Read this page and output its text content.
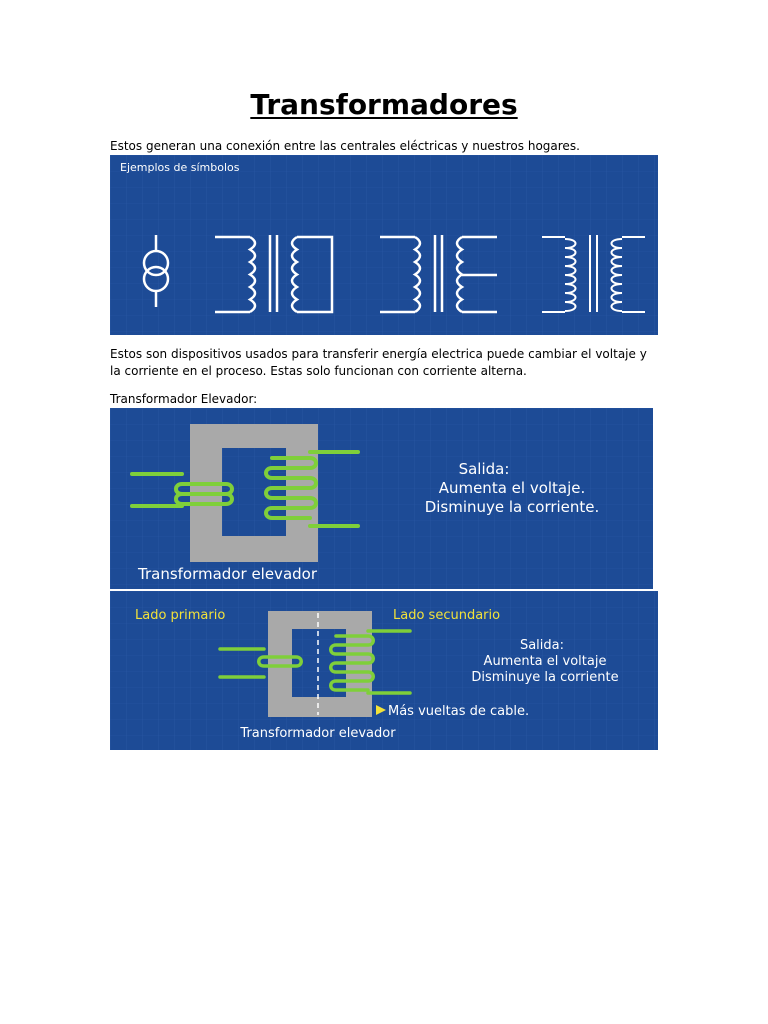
Transformadores
Estos generan una conexión entre las centrales eléctricas y nuestros hogares.
Ejemplos de símbolos
Estos son dispositivos usados para transferir energía electrica puede cambiar el voltaje y la corriente en el proceso. Estas solo funcionan con corriente alterna.
Transformador Elevador:
Salida:
Aumenta el voltaje.
Disminuye la corriente.
Transformador elevador
Lado primario	Lado secundario
Más vueltas de cable.
Salida:
Aumenta el voltaje
Disminuye la corriente
Transformador elevador
